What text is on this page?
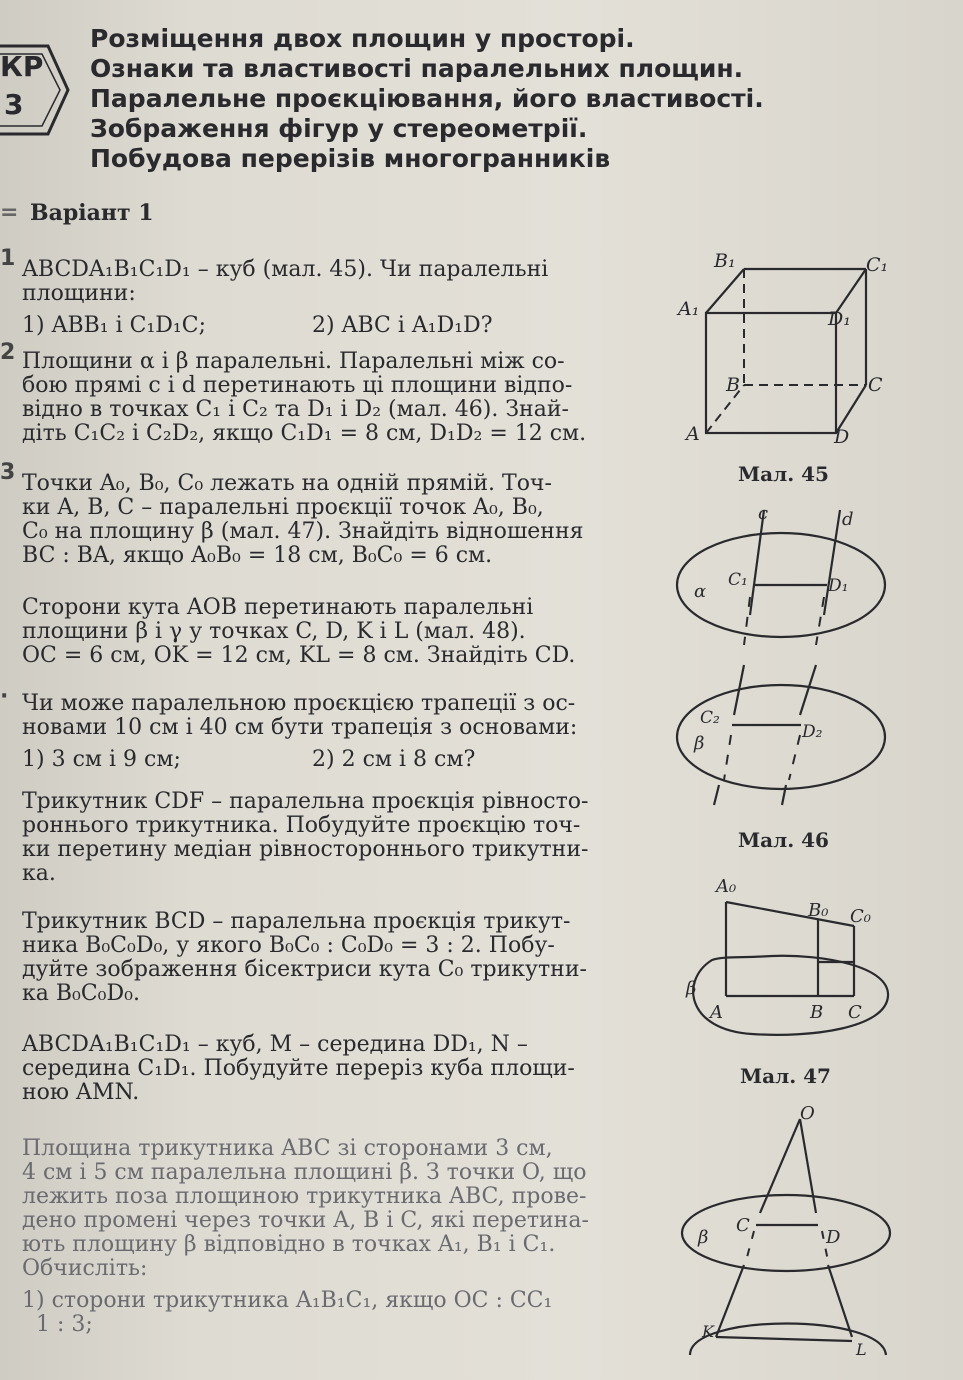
КР
3
Розміщення двох площин у просторі.
Ознаки та властивості паралельних площин.
Паралельне проєкціювання, його властивості.
Зображення фігур у стереометрії.
Побудова перерізів многогранників
= Варіант 1
1
2
3
·
ABCDA₁B₁C₁D₁ – куб (мал. 45). Чи паралельні
площини:
1) ABB₁ і C₁D₁C;	2) ABC і A₁D₁D?
Площини α і β паралельні. Паралельні між со-
бою прямі c і d перетинають ці площини відпо-
відно в точках C₁ і C₂ та D₁ і D₂ (мал. 46). Знай-
діть C₁C₂ і C₂D₂, якщо C₁D₁ = 8 см, D₁D₂ = 12 см.
Точки A₀, B₀, C₀ лежать на одній прямій. Точ-
ки A, B, C – паралельні проєкції точок A₀, B₀,
C₀ на площину β (мал. 47). Знайдіть відношення
BC : BA, якщо A₀B₀ = 18 см, B₀C₀ = 6 см.
Сторони кута AOB перетинають паралельні
площини β і γ у точках C, D, K і L (мал. 48).
OC = 6 см, OK = 12 см, KL = 8 см. Знайдіть CD.
Чи може паралельною проєкцією трапеції з ос-
новами 10 см і 40 см бути трапеція з основами:
1) 3 см і 9 см;	2) 2 см і 8 см?
Трикутник CDF – паралельна проєкція рівносто-
роннього трикутника. Побудуйте проєкцію точ-
ки перетину медіан рівностороннього трикутни-
ка.
Трикутник BCD – паралельна проєкція трикут-
ника B₀C₀D₀, у якого B₀C₀ : C₀D₀ = 3 : 2. Побу-
дуйте зображення бісектриси кута C₀ трикутни-
ка B₀C₀D₀.
ABCDA₁B₁C₁D₁ – куб, M – середина DD₁, N –
середина C₁D₁. Побудуйте переріз куба площи-
ною AMN.
Площина трикутника ABC зі сторонами 3 см,
4 см і 5 см паралельна площині β. З точки O, що
лежить поза площиною трикутника ABC, прове-
дено промені через точки A, B і C, які перетина-
ють площину β відповідно в точках A₁, B₁ і C₁.
Обчисліть:
1) сторони трикутника A₁B₁C₁, якщо OC : CC₁
1 : 3;
B₁	C₁
A₁	D₁
B	C
A	D
Мал. 45
c	d
α
C₁	D₁
C₂
β
D₂
Мал. 46
A₀
B₀ C₀
β
A	B C
Мал. 47
O
β
C
D
K
L
